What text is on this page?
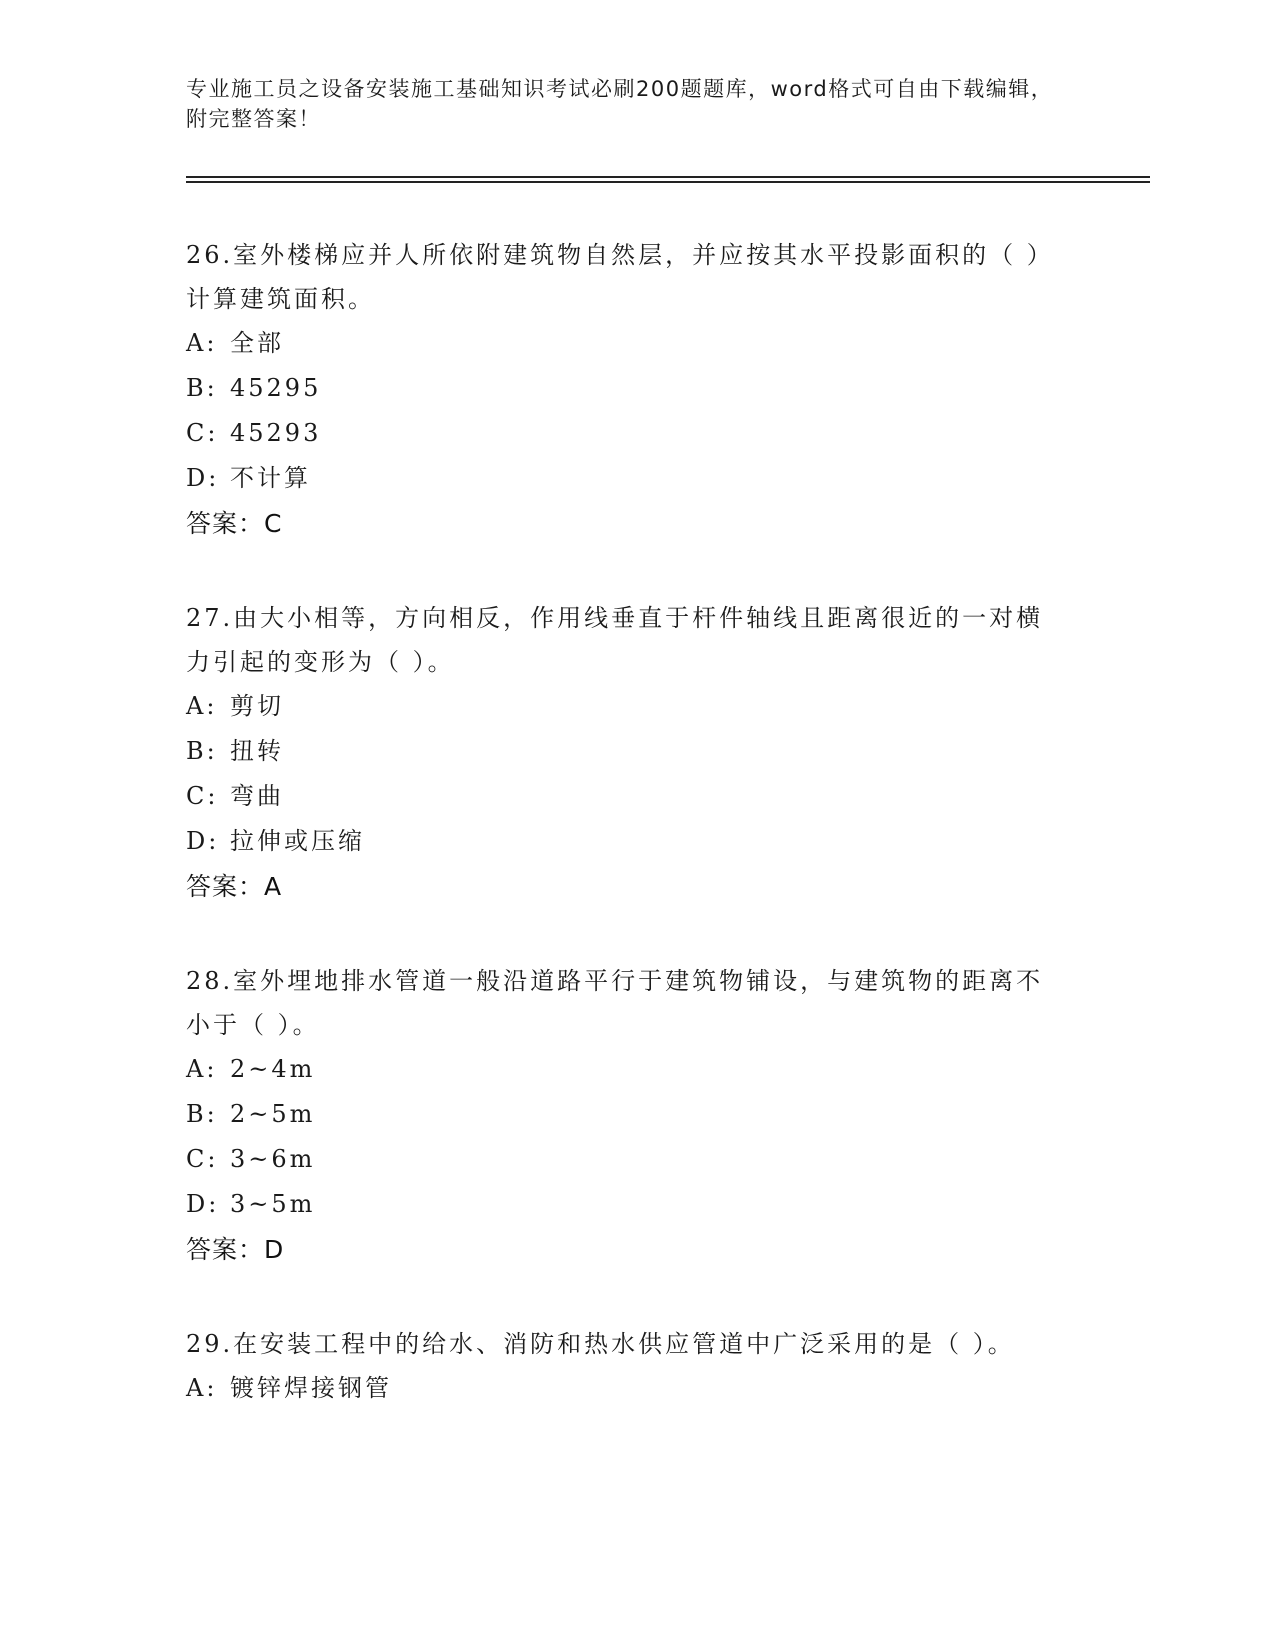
专业施工员之设备安装施工基础知识考试必刷200题题库，word格式可自由下载编辑，附完整答案！

26.室外楼梯应并人所依附建筑物自然层，并应按其水平投影面积的（ ）计算建筑面积。

A: 全部

B: 45295

C: 45293

D: 不计算

答案：C

27.由大小相等，方向相反，作用线垂直于杆件轴线且距离很近的一对横力引起的变形为（ ）。

A: 剪切

B: 扭转

C: 弯曲

D: 拉伸或压缩

答案：A

28.室外埋地排水管道一般沿道路平行于建筑物铺设，与建筑物的距离不小于（ ）。

A: 2~4m

B: 2~5m

C: 3~6m

D: 3~5m

答案：D

29.在安装工程中的给水、消防和热水供应管道中广泛采用的是（ ）。

A: 镀锌焊接钢管
